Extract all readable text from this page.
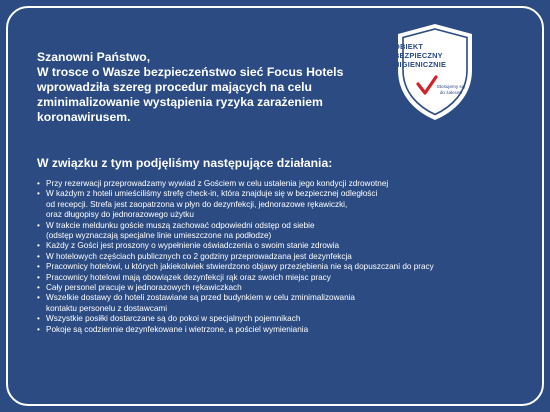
OBIEKT
BEZPIECZNY
HIGIENICZNIE
Stosujemy się
do zaleceń

Szanowni Państwo,

W trosce o Wasze bezpieczeństwo sieć Focus Hotels

wprowadziła szereg procedur mających na celu

zminimalizowanie wystąpienia ryzyka zarażeniem

koronawirusem.

W związku z tym podjęliśmy następujące działania:
• Przy rezerwacji przeprowadzamy wywiad z Gościem w celu ustalenia jego kondycji zdrowotnej
• W każdym z hoteli umieściliśmy strefę check-in, która znajduje się w bezpiecznej odległości
od recepcji. Strefa jest zaopatrzona w płyn do dezynfekcji, jednorazowe rękawiczki,
oraz długopisy do jednorazowego użytku
• W trakcie meldunku goście muszą zachować odpowiedni odstęp od siebie
(odstęp wyznaczają specjalne linie umieszczone na podłodze)
• Każdy z Gości jest proszony o wypełnienie oświadczenia o swoim stanie zdrowia
• W hotelowych częściach publicznych co 2 godziny przeprowadzana jest dezynfekcja
• Pracownicy hotelowi, u których jakiekolwiek stwierdzono objawy przeziębienia nie są dopuszczani do pracy
• Pracownicy hotelowi mają obowiązek dezynfekcji rąk oraz swoich miejsc pracy
• Cały personel pracuje w jednorazowych rękawiczkach
• Wszelkie dostawy do hoteli zostawiane są przed budynkiem w celu zminimalizowania
kontaktu personelu z dostawcami
• Wszystkie posiłki dostarczane są do pokoi w specjalnych pojemnikach
• Pokoje są codziennie dezynfekowane i wietrzone, a pościel wymieniania
